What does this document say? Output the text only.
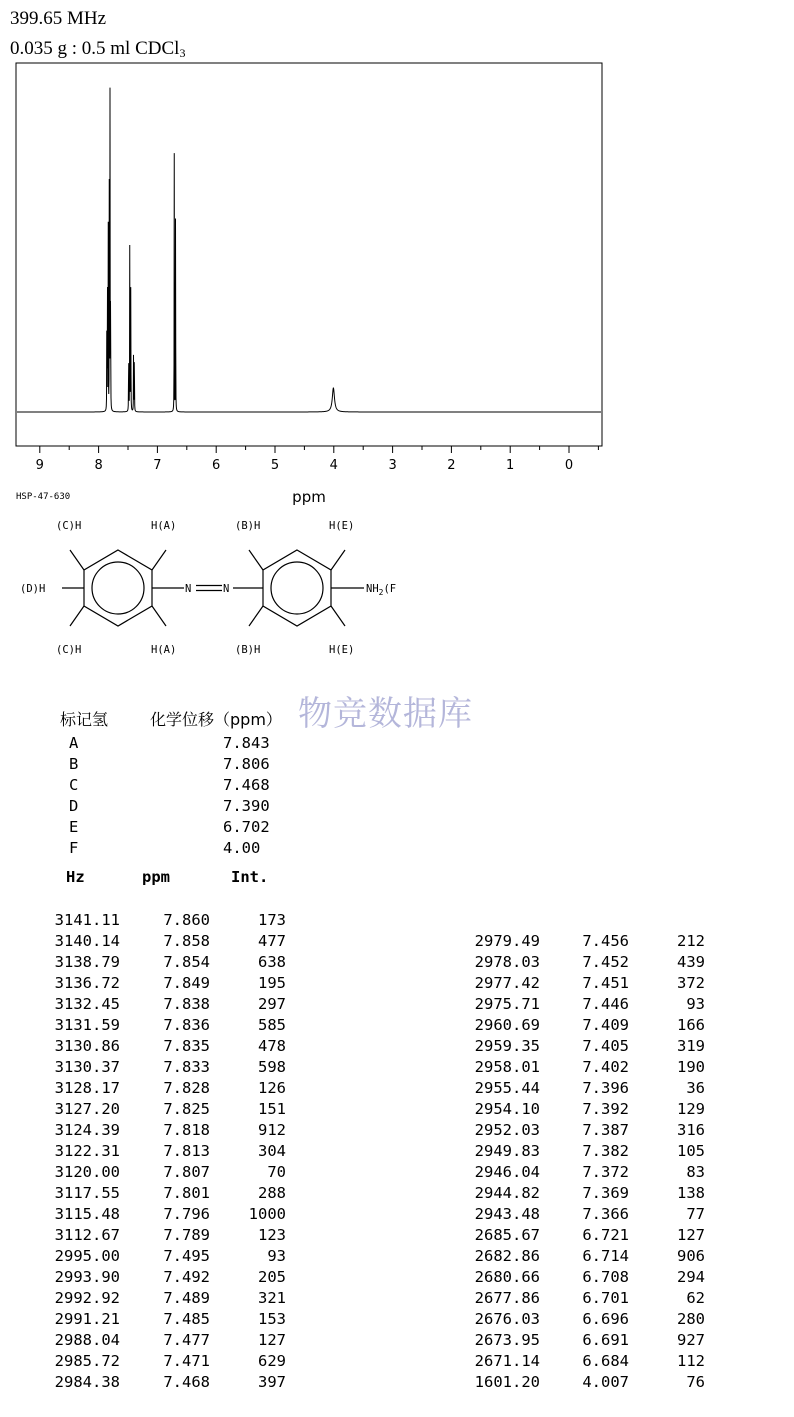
399.65 MHz
0.035 g : 0.5 ml CDCl$_3$
9	8	7	6	5	4	3	2	1	0
ppm
HSP-47-630
(C)H	H(A)	(B)H	H(E)
(D)H	N	N	$NH_2(F$
(C)H	H(A)	(B)H	H(E)
物竞数据库
标记氢	化学位移（ppm）
A	7.843
B	7.806
C	7.468
D	7.390
E	6.702
F	4.00
Hz	ppm	Int.
3141.11	7.860	173
3140.14	7.858	477
3138.79	7.854	638
3136.72	7.849	195
3132.45	7.838	297
3131.59	7.836	585
3130.86	7.835	478
3130.37	7.833	598
3128.17	7.828	126
3127.20	7.825	151
3124.39	7.818	912
3122.31	7.813	304
3120.00	7.807	70
3117.55	7.801	288
3115.48	7.796	1000
3112.67	7.789	123
2995.00	7.495	93
2993.90	7.492	205
2992.92	7.489	321
2991.21	7.485	153
2988.04	7.477	127
2985.72	7.471	629
2984.38	7.468	397
2979.49	7.456	212
2978.03	7.452	439
2977.42	7.451	372
2975.71	7.446	93
2960.69	7.409	166
2959.35	7.405	319
2958.01	7.402	190
2955.44	7.396	36
2954.10	7.392	129
2952.03	7.387	316
2949.83	7.382	105
2946.04	7.372	83
2944.82	7.369	138
2943.48	7.366	77
2685.67	6.721	127
2682.86	6.714	906
2680.66	6.708	294
2677.86	6.701	62
2676.03	6.696	280
2673.95	6.691	927
2671.14	6.684	112
1601.20	4.007	76
